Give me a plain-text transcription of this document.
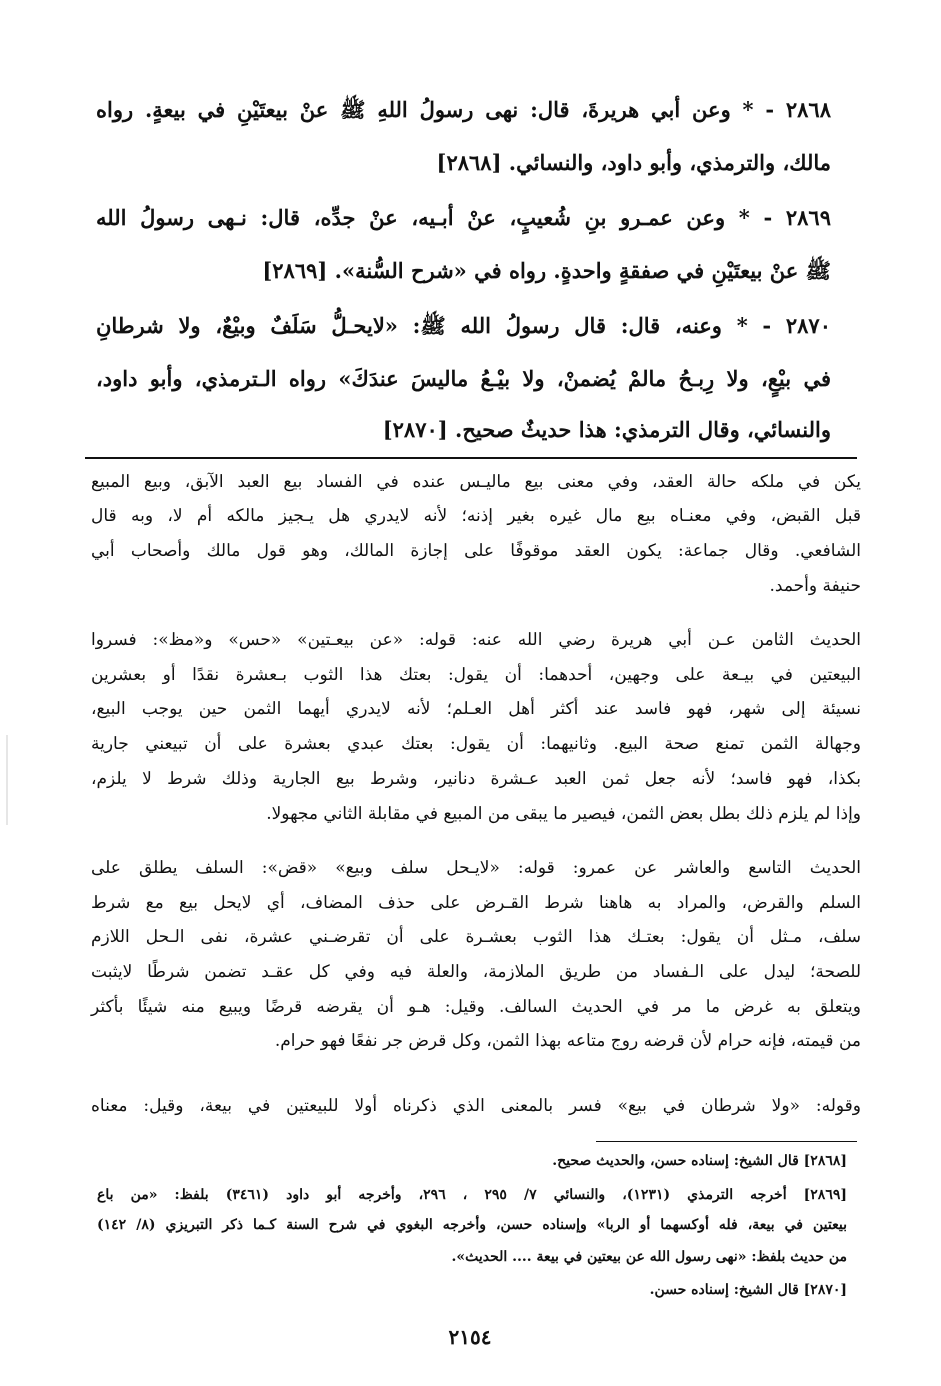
٢٨٦٨ - * وعن أبي هريرةَ، قال: نهى رسولُ اللهِ ﷺ عنْ بيعتَيْنِ في بيعةٍ. رواه
مالك، والترمذي، وأبو داود، والنسائي. [٢٨٦٨]
٢٨٦٩ - * وعن عمـرو بنِ شُعيبٍ، عنْ أبـيه، عنْ جدِّه، قال: نـهى رسولُ الله
ﷺ عنْ بيعتَيْنِ في صفقةٍ واحدةٍ. رواه في «شرح السُّنة». [٢٨٦٩]
٢٨٧٠ - * وعنه، قال: قال رسولُ الله ﷺ: «لايحـلُّ سَلَفٌ وبيْعٌ، ولا شرطانِ
في بيْعٍ، ولا رِبـحُ مالمْ يُضمنْ، ولا بيْـعُ ماليسَ عندَكَ» رواه الـترمذي، وأبو داود،
والنسائي، وقال الترمذي: هذا حديثٌ صحيح. [٢٨٧٠]
يكن في ملكه حالة العقد، وفي معنى بيع ماليـس عنده في الفساد بيع العبد الآبق، وبيع المبيع
قبل القبض، وفي معنـاه بيع مال غيره بغير إذنه؛ لأنه لايدري هل يـجيز مالكه أم لا، وبه قال
الشافعي. وقال جماعة: يكون العقد موقوفًا على إجازة المالك، وهو قول مالك وأصحاب أبي
حنيفة وأحمد.
الحديث الثامن عـن أبي هريرة رضي الله عنه: قوله: «عن بيعـتين» «حس» و«مظ»: فسروا
البيعتين في بيـعة على وجهين، أحدهما: أن يقول: بعتك هذا الثوب بـعشرة نقدًا أو بعشرين
نسيئة إلى شهر، فهو فاسد عند أكثر أهل العـلم؛ لأنه لايدري أيهما الثمن حين يوجب البيع،
وجهالة الثمن تمنع صحة البيع. وثانيهما: أن يقول: بعتك عبدي بعشرة على أن تبيعني جارية
بكذا، فهو فاسد؛ لأنه جعل ثمن العبد عـشرة دنانير، وشرط بيع الجارية وذلك شرط لا يلزم،
وإذا لم يلزم ذلك بطل بعض الثمن، فيصير ما يبقى من المبيع في مقابلة الثاني مجهولا.
الحديث التاسع والعاشر عن عمرو: قوله: «لايـحل سلف وبيع» «قض»: السلف يطلق على
السلم والقرض، والمراد به هاهنا شرط القـرض على حذف المضاف، أي لايحل بيع مع شرط
سلف، مـثل أن يقول: بعتـك هذا الثوب بعشـرة على أن تقرضـني عشرة، نفى الـحل اللازم
للصحة؛ ليدل على الـفساد من طريق الملازمة، والعلة فيه وفي كل عقـد تضمن شرطًا لايثبت
ويتعلق به غرض ما مر في الحديث السالف. وقيل: هـو أن يقرضه قرضًا ويبيع منه شيئًا بأكثر
من قيمته، فإنه حرام لأن قرضه روج متاعه بهذا الثمن، وكل قرض جر نفعًا فهو حرام.
وقوله: «ولا شرطان في بيع» فسر بالمعنى الذي ذكرناه أولا للبيعتين في بيعة، وقيل: معناه
[٢٨٦٨] قال الشيخ: إسناده حسن، والحديث صحيح.
[٢٨٦٩] أخرجه الترمذي (١٢٣١)، والنسائي ٧/ ٢٩٥ ، ٢٩٦، وأخرجه أبو داود (٣٤٦١) بلفظ: «من باع
بيعتين في بيعة، فله أوكسهما أو الربا» وإسناده حسن، وأخرجه البغوي في شرح السنة كـما ذكر التبريزي (٨/ ١٤٢)
من حديث بلفظ: «نهى رسول الله عن بيعتين في بيعة .... الحديث».
[٢٨٧٠] قال الشيخ: إسناده حسن.
٢١٥٤
